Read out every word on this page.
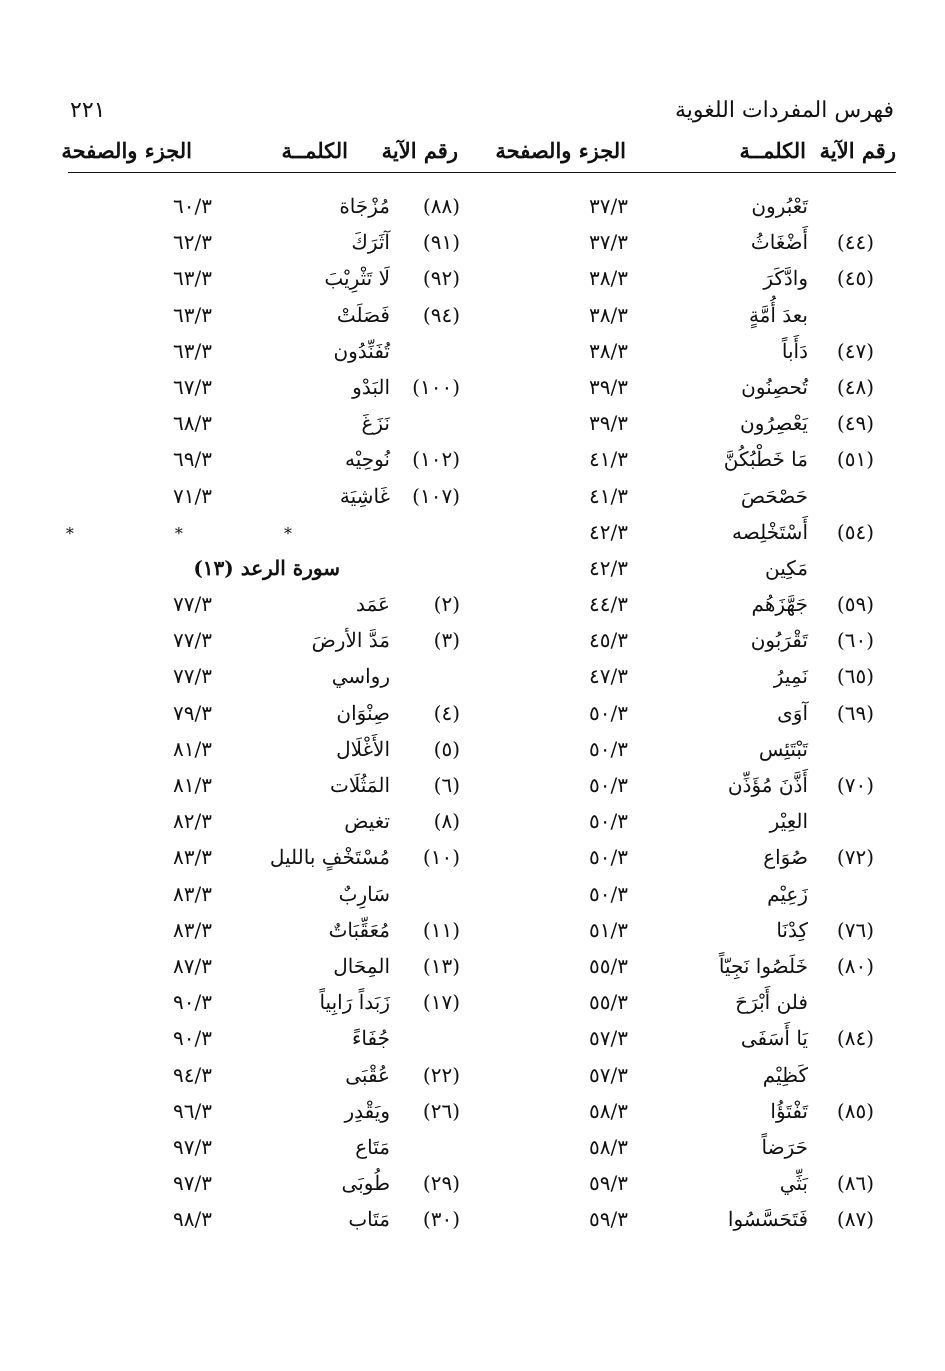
٢٢١	فهرس المفردات اللغوية
رقم الآية
الكلمــة
الجزء والصفحة
رقم الآية
الكلمــة
الجزء والصفحة
تَعْبُرون
٣٧/٣
(٤٤)
أَضْغَاثُ
٣٧/٣
(٤٥)
وادَّكَرَ
٣٨/٣
بعدَ أُمَّةٍ
٣٨/٣
(٤٧)
دَأَباً
٣٨/٣
(٤٨)
تُحصِنُون
٣٩/٣
(٤٩)
يَعْصِرُون
٣٩/٣
(٥١)
مَا خَطْبُكُنَّ
٤١/٣
حَصْحَصَ
٤١/٣
(٥٤)
أَسْتَخْلِصه
٤٢/٣
مَكِين
٤٢/٣
(٥٩)
جَهَّزَهُم
٤٤/٣
(٦٠)
تَقْرَبُون
٤٥/٣
(٦٥)
نَمِيرُ
٤٧/٣
(٦٩)
آوَى
٥٠/٣
تَبْتَئِس
٥٠/٣
(٧٠)
أَذَّنَ مُؤَذِّن
٥٠/٣
العِيْر
٥٠/٣
(٧٢)
صُوَاع
٥٠/٣
زَعِيْم
٥٠/٣
(٧٦)
كِدْنَا
٥١/٣
(٨٠)
خَلَصُوا نَجِيّاً
٥٥/٣
فلن أَبْرَحَ
٥٥/٣
(٨٤)
يَا أَسَفَى
٥٧/٣
كَظِيْم
٥٧/٣
(٨٥)
تَفْتَؤُا
٥٨/٣
حَرَضاً
٥٨/٣
(٨٦)
بَثِّي
٥٩/٣
(٨٧)
فَتَحَسَّسُوا
٥٩/٣
(٨٨)
مُزْجَاة
٦٠/٣
(٩١)
آثَرَكَ
٦٢/٣
(٩٢)
لَا تَثْرِيْبَ
٦٣/٣
(٩٤)
فَصَلَتْ
٦٣/٣
تُفَنِّدُون
٦٣/٣
(١٠٠)
البَدْو
٦٧/٣
نَزَغَ
٦٨/٣
(١٠٢)
نُوحِيْه
٦٩/٣
(١٠٧)
غَاشِيَة
٧١/٣
* * *
سورة الرعد (١٣)
(٢)
عَمَد
٧٧/٣
(٣)
مَدَّ الأرضَ
٧٧/٣
رواسي
٧٧/٣
(٤)
صِنْوَان
٧٩/٣
(٥)
الأَغْلَال
٨١/٣
(٦)
المَثُلَات
٨١/٣
(٨)
تغيض
٨٢/٣
(١٠)
مُسْتَخْفٍ بالليل
٨٣/٣
سَارِبٌ
٨٣/٣
(١١)
مُعَقِّبَاتٌ
٨٣/٣
(١٣)
المِحَال
٨٧/٣
(١٧)
زَبَداً رَابِياً
٩٠/٣
جُفَاءً
٩٠/٣
(٢٢)
عُقْبَى
٩٤/٣
(٢٦)
ويَقْدِر
٩٦/٣
مَتَاع
٩٧/٣
(٢٩)
طُوبَى
٩٧/٣
(٣٠)
مَتَاب
٩٨/٣
